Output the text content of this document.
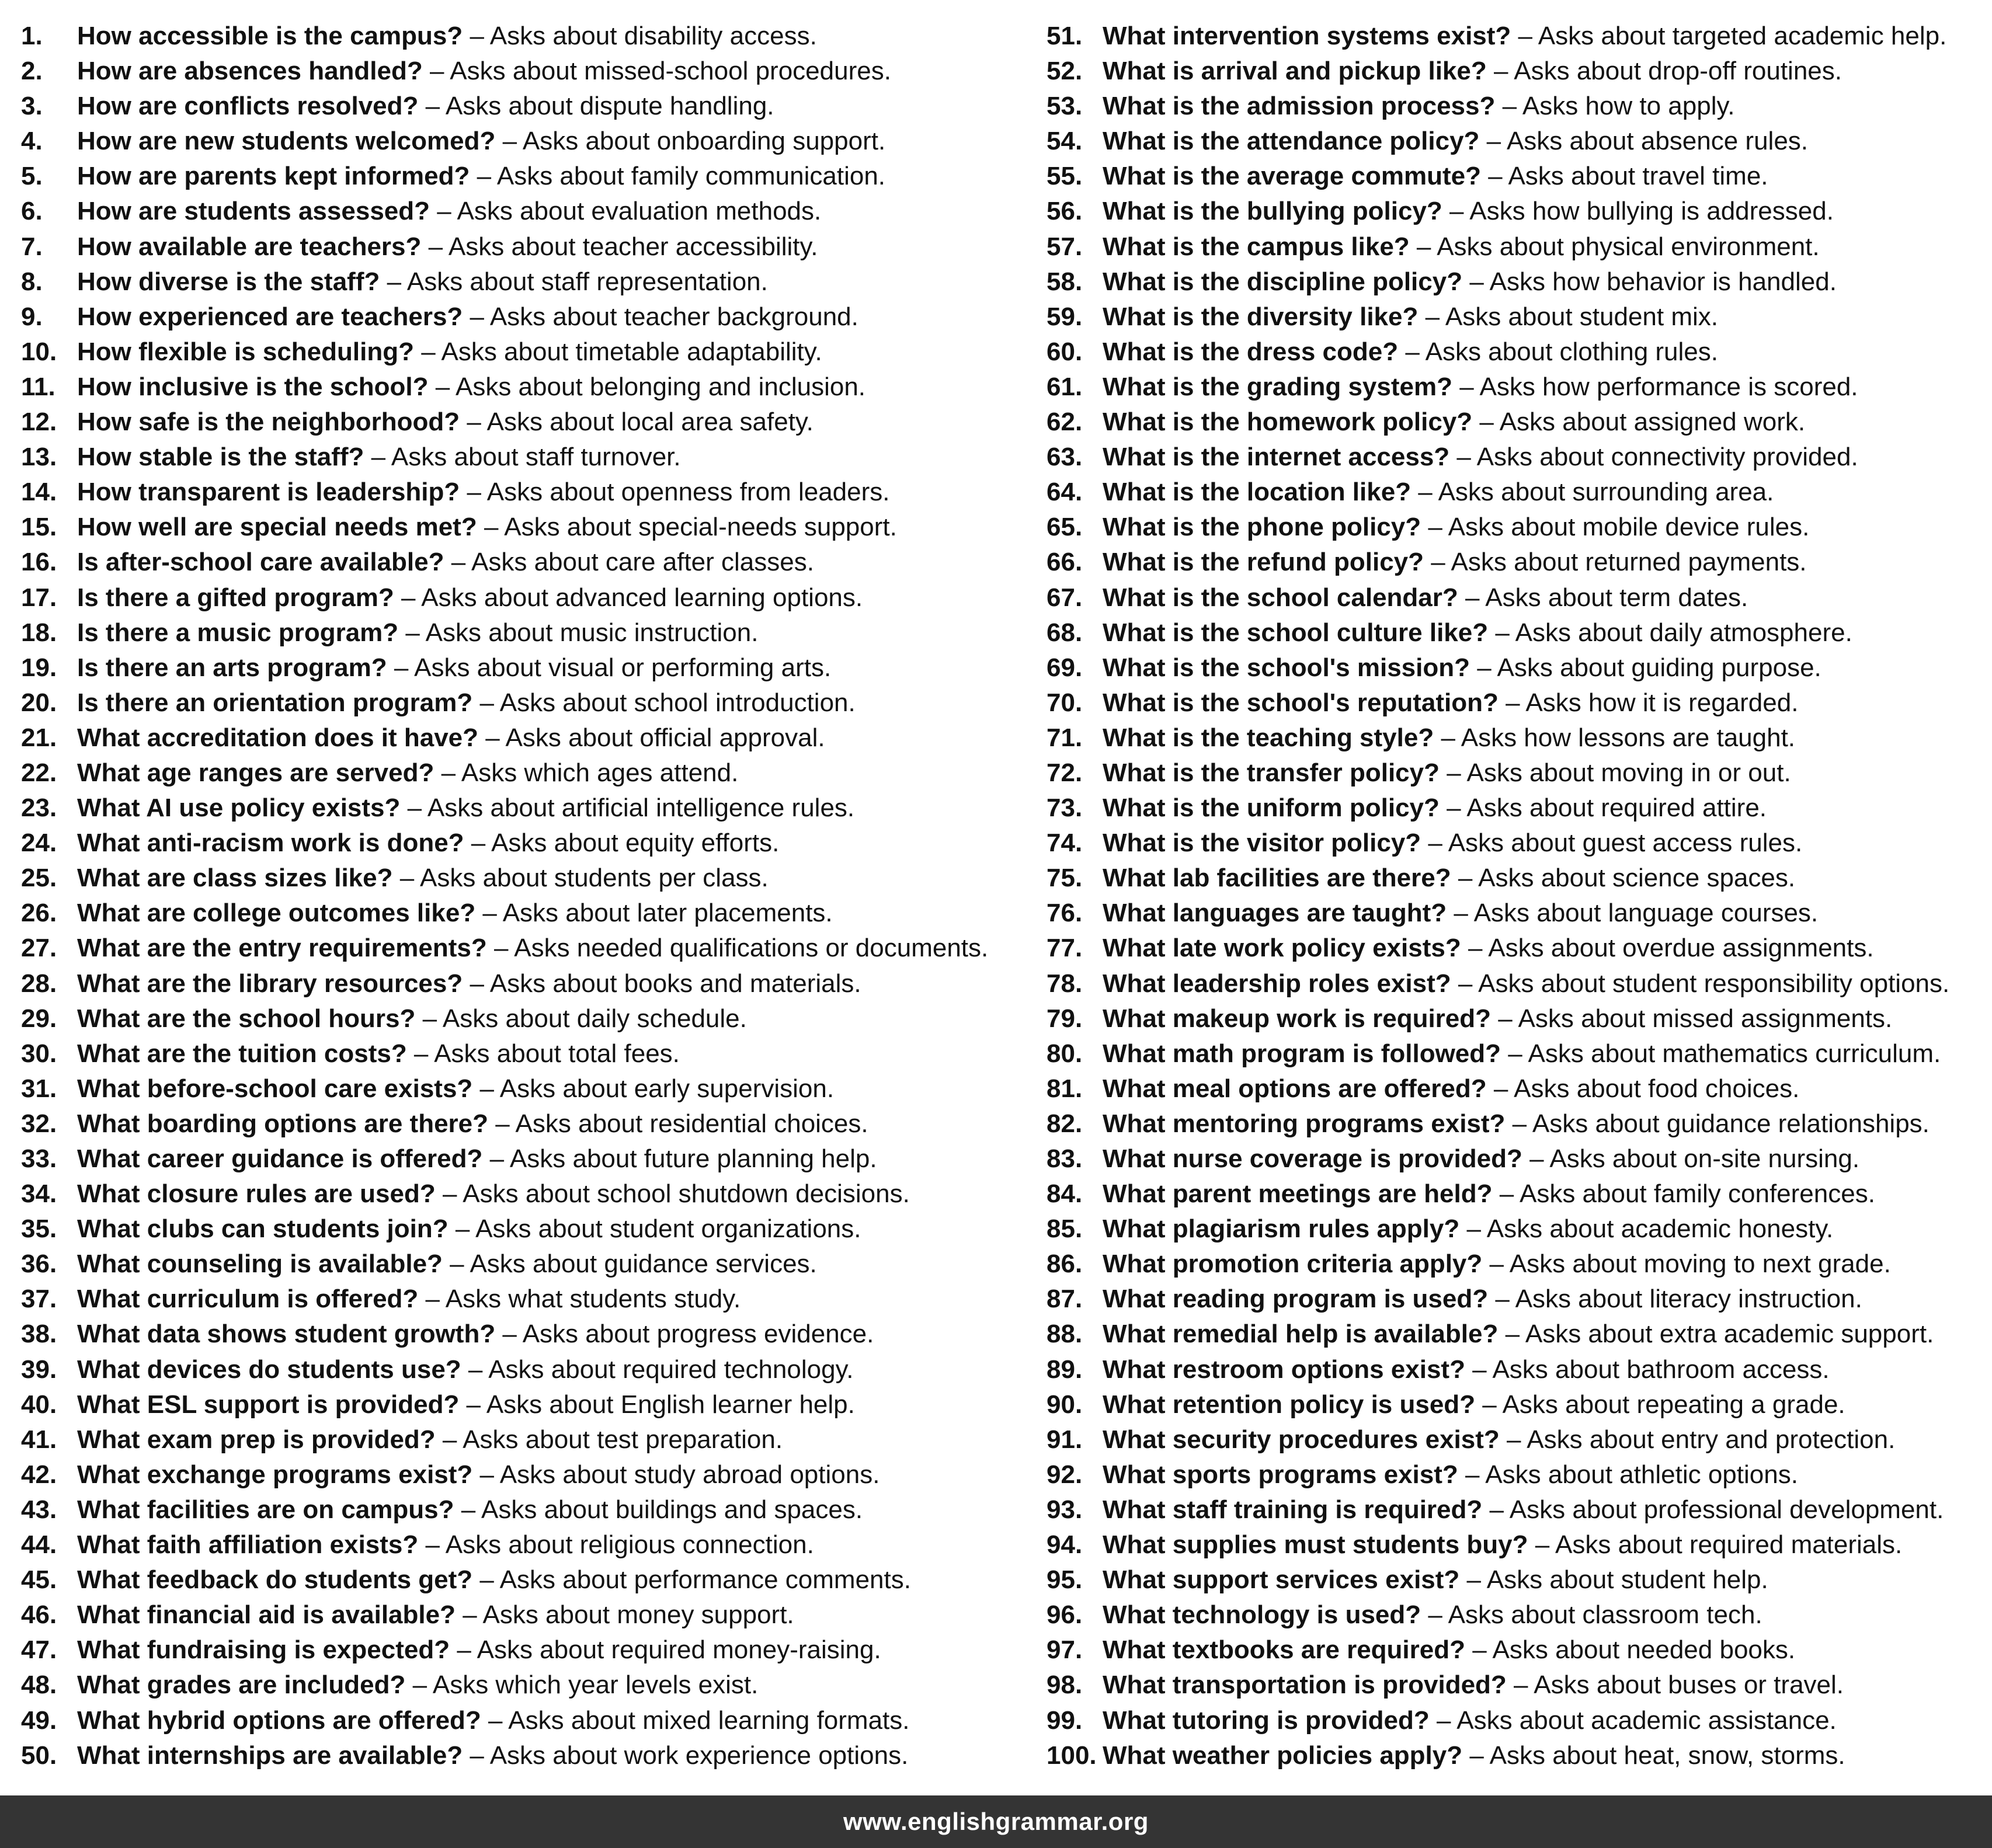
1. How accessible is the campus? – Asks about disability access.
2. How are absences handled? – Asks about missed-school procedures.
3. How are conflicts resolved? – Asks about dispute handling.
4. How are new students welcomed? – Asks about onboarding support.
5. How are parents kept informed? – Asks about family communication.
6. How are students assessed? – Asks about evaluation methods.
7. How available are teachers? – Asks about teacher accessibility.
8. How diverse is the staff? – Asks about staff representation.
9. How experienced are teachers? – Asks about teacher background.
10. How flexible is scheduling? – Asks about timetable adaptability.
11. How inclusive is the school? – Asks about belonging and inclusion.
12. How safe is the neighborhood? – Asks about local area safety.
13. How stable is the staff? – Asks about staff turnover.
14. How transparent is leadership? – Asks about openness from leaders.
15. How well are special needs met? – Asks about special-needs support.
16. Is after-school care available? – Asks about care after classes.
17. Is there a gifted program? – Asks about advanced learning options.
18. Is there a music program? – Asks about music instruction.
19. Is there an arts program? – Asks about visual or performing arts.
20. Is there an orientation program? – Asks about school introduction.
21. What accreditation does it have? – Asks about official approval.
22. What age ranges are served? – Asks which ages attend.
23. What AI use policy exists? – Asks about artificial intelligence rules.
24. What anti-racism work is done? – Asks about equity efforts.
25. What are class sizes like? – Asks about students per class.
26. What are college outcomes like? – Asks about later placements.
27. What are the entry requirements? – Asks needed qualifications or documents.
28. What are the library resources? – Asks about books and materials.
29. What are the school hours? – Asks about daily schedule.
30. What are the tuition costs? – Asks about total fees.
31. What before-school care exists? – Asks about early supervision.
32. What boarding options are there? – Asks about residential choices.
33. What career guidance is offered? – Asks about future planning help.
34. What closure rules are used? – Asks about school shutdown decisions.
35. What clubs can students join? – Asks about student organizations.
36. What counseling is available? – Asks about guidance services.
37. What curriculum is offered? – Asks what students study.
38. What data shows student growth? – Asks about progress evidence.
39. What devices do students use? – Asks about required technology.
40. What ESL support is provided? – Asks about English learner help.
41. What exam prep is provided? – Asks about test preparation.
42. What exchange programs exist? – Asks about study abroad options.
43. What facilities are on campus? – Asks about buildings and spaces.
44. What faith affiliation exists? – Asks about religious connection.
45. What feedback do students get? – Asks about performance comments.
46. What financial aid is available? – Asks about money support.
47. What fundraising is expected? – Asks about required money-raising.
48. What grades are included? – Asks which year levels exist.
49. What hybrid options are offered? – Asks about mixed learning formats.
50. What internships are available? – Asks about work experience options.
51. What intervention systems exist? – Asks about targeted academic help.
52. What is arrival and pickup like? – Asks about drop-off routines.
53. What is the admission process? – Asks how to apply.
54. What is the attendance policy? – Asks about absence rules.
55. What is the average commute? – Asks about travel time.
56. What is the bullying policy? – Asks how bullying is addressed.
57. What is the campus like? – Asks about physical environment.
58. What is the discipline policy? – Asks how behavior is handled.
59. What is the diversity like? – Asks about student mix.
60. What is the dress code? – Asks about clothing rules.
61. What is the grading system? – Asks how performance is scored.
62. What is the homework policy? – Asks about assigned work.
63. What is the internet access? – Asks about connectivity provided.
64. What is the location like? – Asks about surrounding area.
65. What is the phone policy? – Asks about mobile device rules.
66. What is the refund policy? – Asks about returned payments.
67. What is the school calendar? – Asks about term dates.
68. What is the school culture like? – Asks about daily atmosphere.
69. What is the school's mission? – Asks about guiding purpose.
70. What is the school's reputation? – Asks how it is regarded.
71. What is the teaching style? – Asks how lessons are taught.
72. What is the transfer policy? – Asks about moving in or out.
73. What is the uniform policy? – Asks about required attire.
74. What is the visitor policy? – Asks about guest access rules.
75. What lab facilities are there? – Asks about science spaces.
76. What languages are taught? – Asks about language courses.
77. What late work policy exists? – Asks about overdue assignments.
78. What leadership roles exist? – Asks about student responsibility options.
79. What makeup work is required? – Asks about missed assignments.
80. What math program is followed? – Asks about mathematics curriculum.
81. What meal options are offered? – Asks about food choices.
82. What mentoring programs exist? – Asks about guidance relationships.
83. What nurse coverage is provided? – Asks about on-site nursing.
84. What parent meetings are held? – Asks about family conferences.
85. What plagiarism rules apply? – Asks about academic honesty.
86. What promotion criteria apply? – Asks about moving to next grade.
87. What reading program is used? – Asks about literacy instruction.
88. What remedial help is available? – Asks about extra academic support.
89. What restroom options exist? – Asks about bathroom access.
90. What retention policy is used? – Asks about repeating a grade.
91. What security procedures exist? – Asks about entry and protection.
92. What sports programs exist? – Asks about athletic options.
93. What staff training is required? – Asks about professional development.
94. What supplies must students buy? – Asks about required materials.
95. What support services exist? – Asks about student help.
96. What technology is used? – Asks about classroom tech.
97. What textbooks are required? – Asks about needed books.
98. What transportation is provided? – Asks about buses or travel.
99. What tutoring is provided? – Asks about academic assistance.
100. What weather policies apply? – Asks about heat, snow, storms.
www.englishgrammar.org
